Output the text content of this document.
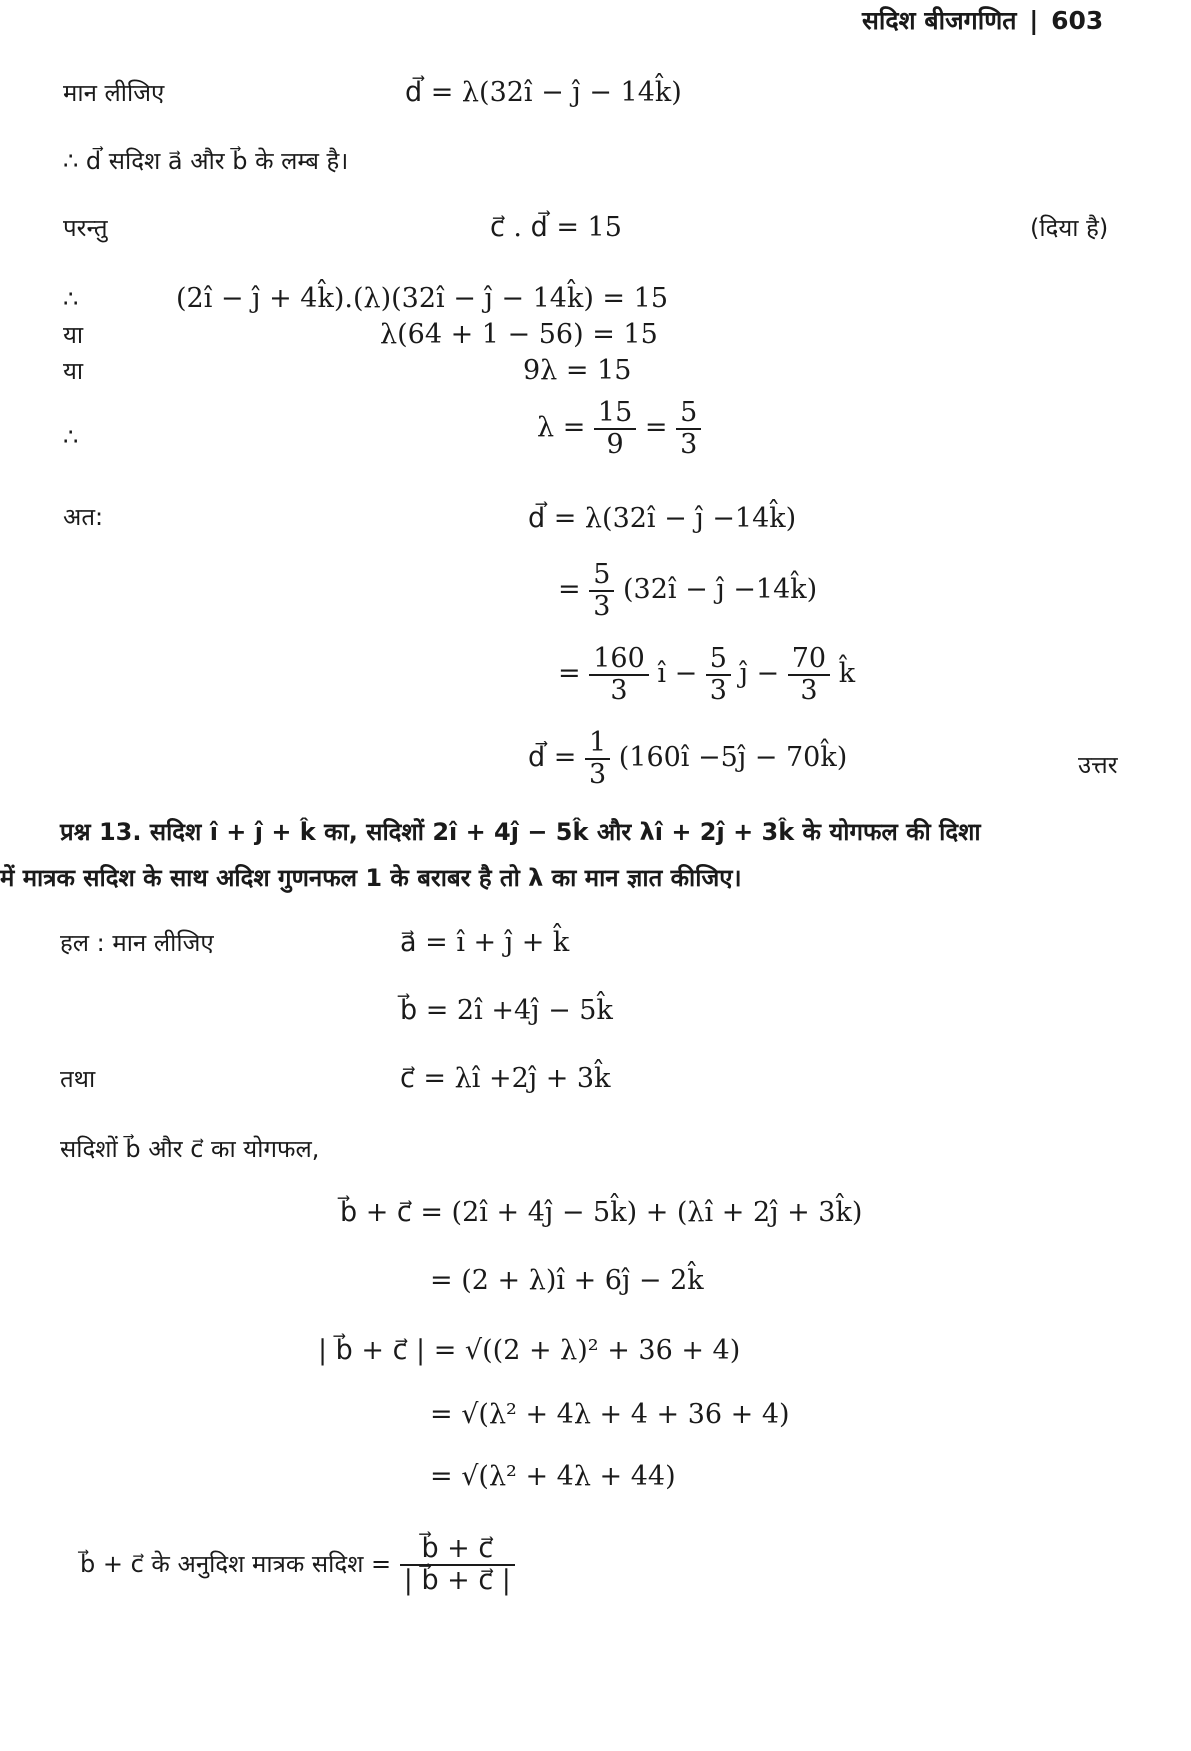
सदिश बीजगणित | 603
मान लीजिए	d⃗ = λ(32î − ĵ − 14k̂)
∴ d⃗ सदिश a⃗ और b⃗ के लम्ब है।
परन्तु	c⃗ . d⃗ = 15	(दिया है)
∴	(2î − ĵ + 4k̂).(λ)(32î − ĵ − 14k̂) = 15
या	λ(64 + 1 − 56) = 15
या	9λ = 15
∴	$\lambda = \frac{15}{9} = \frac{5}{3}$
अत:	d⃗ = λ(32î − ĵ −14k̂)
= $\frac{5}{3}$ (32î − ĵ −14k̂)
= $\frac{160}{3}$ î − $\frac{5}{3}$ ĵ − $\frac{70}{3}$ k̂
d⃗ = $\frac{1}{3}$ (160î −5ĵ − 70k̂)	उत्तर
प्रश्न 13. सदिश î + ĵ + k̂ का, सदिशों 2î + 4ĵ − 5k̂ और λî + 2ĵ + 3k̂ के योगफल की दिशा
में मात्रक सदिश के साथ अदिश गुणनफल 1 के बराबर है तो λ का मान ज्ञात कीजिए।
हल : मान लीजिए	a⃗ = î + ĵ + k̂
b⃗ = 2î +4ĵ − 5k̂
तथा	c⃗ = λî +2ĵ + 3k̂
सदिशों b⃗ और c⃗ का योगफल,
b⃗ + c⃗ = (2î + 4ĵ − 5k̂) + (λî + 2ĵ + 3k̂)
= (2 + λ)î + 6ĵ − 2k̂
| b⃗ + c⃗ | = √((2 + λ)² + 36 + 4)
= √(λ² + 4λ + 4 + 36 + 4)
= √(λ² + 4λ + 44)
b⃗ + c⃗ के अनुदिश मात्रक सदिश = $\frac{b⃗ + c⃗}{| b⃗ + c⃗ |}$
